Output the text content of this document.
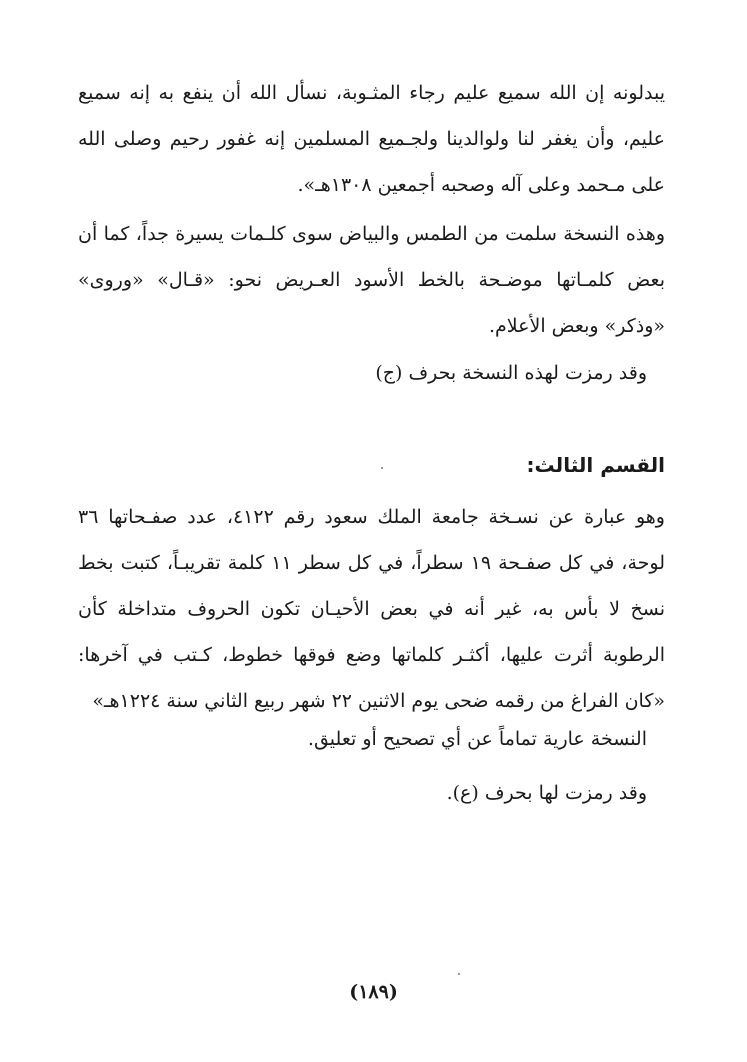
يبدلونه إن الله سميع عليم رجاء المثـوبة، نسأل الله أن ينفع به إنه سميع عليم، وأن يغفر لنا ولوالدينا ولجـميع المسلمين إنه غفور رحيم وصلى الله على مـحمد وعلى آله وصحبه أجمعين ١٣٠٨هـ».
وهذه النسخة سلمت من الطمس والبياض سوى كلـمات يسيرة جداً، كما أن بعض كلمـاتها موضـحة بالخط الأسود العـريض نحو: «قـال» «وروى» «وذكر» وبعض الأعلام.
وقد رمزت لهذه النسخة بحرف (ج)
القسم الثالث:
وهو عبارة عن نسـخة جامعة الملك سعود رقم ٤١٢٢، عدد صفـحاتها ٣٦ لوحة، في كل صفـحة ١٩ سطراً، في كل سطر ١١ كلمة تقريبـاً، كتبت بخط نسخ لا بأس به، غير أنه في بعض الأحيـان تكون الحروف متداخلة كأن الرطوبة أثرت عليها، أكثـر كلماتها وضع فوقها خطوط، كـتب في آخرها: «كان الفراغ من رقمه ضحى يوم الاثنين ٢٢ شهر ربيع الثاني سنة ١٢٢٤هـ»
النسخة عارية تماماً عن أي تصحيح أو تعليق.
وقد رمزت لها بحرف (ع).
(١٨٩)
